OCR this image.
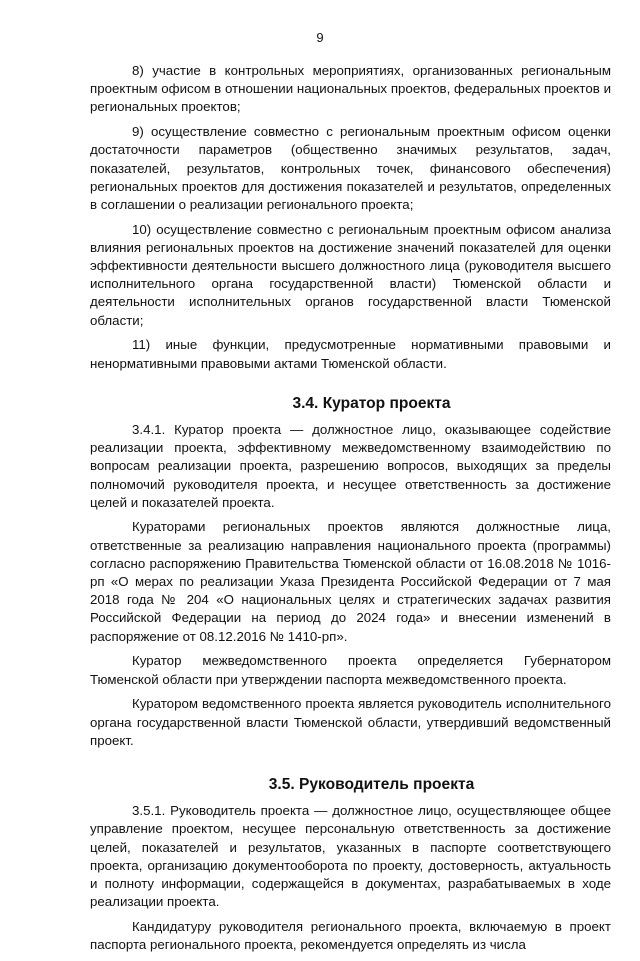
9

8) участие в контрольных мероприятиях, организованных региональным проектным офисом в отношении национальных проектов, федеральных проектов и региональных проектов;

9) осуществление совместно с региональным проектным офисом оценки достаточности параметров (общественно значимых результатов, задач, показателей, результатов, контрольных точек, финансового обеспечения) региональных проектов для достижения показателей и результатов, определенных в соглашении о реализации регионального проекта;

10) осуществление совместно с региональным проектным офисом анализа влияния региональных проектов на достижение значений показателей для оценки эффективности деятельности высшего должностного лица (руководителя высшего исполнительного органа государственной власти) Тюменской области и деятельности исполнительных органов государственной власти Тюменской области;

11) иные функции, предусмотренные нормативными правовыми и ненормативными правовыми актами Тюменской области.

3.4. Куратор проекта

3.4.1. Куратор проекта — должностное лицо, оказывающее содействие реализации проекта, эффективному межведомственному взаимодействию по вопросам реализации проекта, разрешению вопросов, выходящих за пределы полномочий руководителя проекта, и несущее ответственность за достижение целей и показателей проекта.

Кураторами региональных проектов являются должностные лица, ответственные за реализацию направления национального проекта (программы) согласно распоряжению Правительства Тюменской области от 16.08.2018 № 1016-рп «О мерах по реализации Указа Президента Российской Федерации от 7 мая 2018 года № 204 «О национальных целях и стратегических задачах развития Российской Федерации на период до 2024 года» и внесении изменений в распоряжение от 08.12.2016 № 1410-рп».

Куратор межведомственного проекта определяется Губернатором Тюменской области при утверждении паспорта межведомственного проекта.

Куратором ведомственного проекта является руководитель исполнительного органа государственной власти Тюменской области, утвердивший ведомственный проект.

3.5. Руководитель проекта

3.5.1. Руководитель проекта — должностное лицо, осуществляющее общее управление проектом, несущее персональную ответственность за достижение целей, показателей и результатов, указанных в паспорте соответствующего проекта, организацию документооборота по проекту, достоверность, актуальность и полноту информации, содержащейся в документах, разрабатываемых в ходе реализации проекта.

Кандидатуру руководителя регионального проекта, включаемую в проект паспорта регионального проекта, рекомендуется определять из числа
